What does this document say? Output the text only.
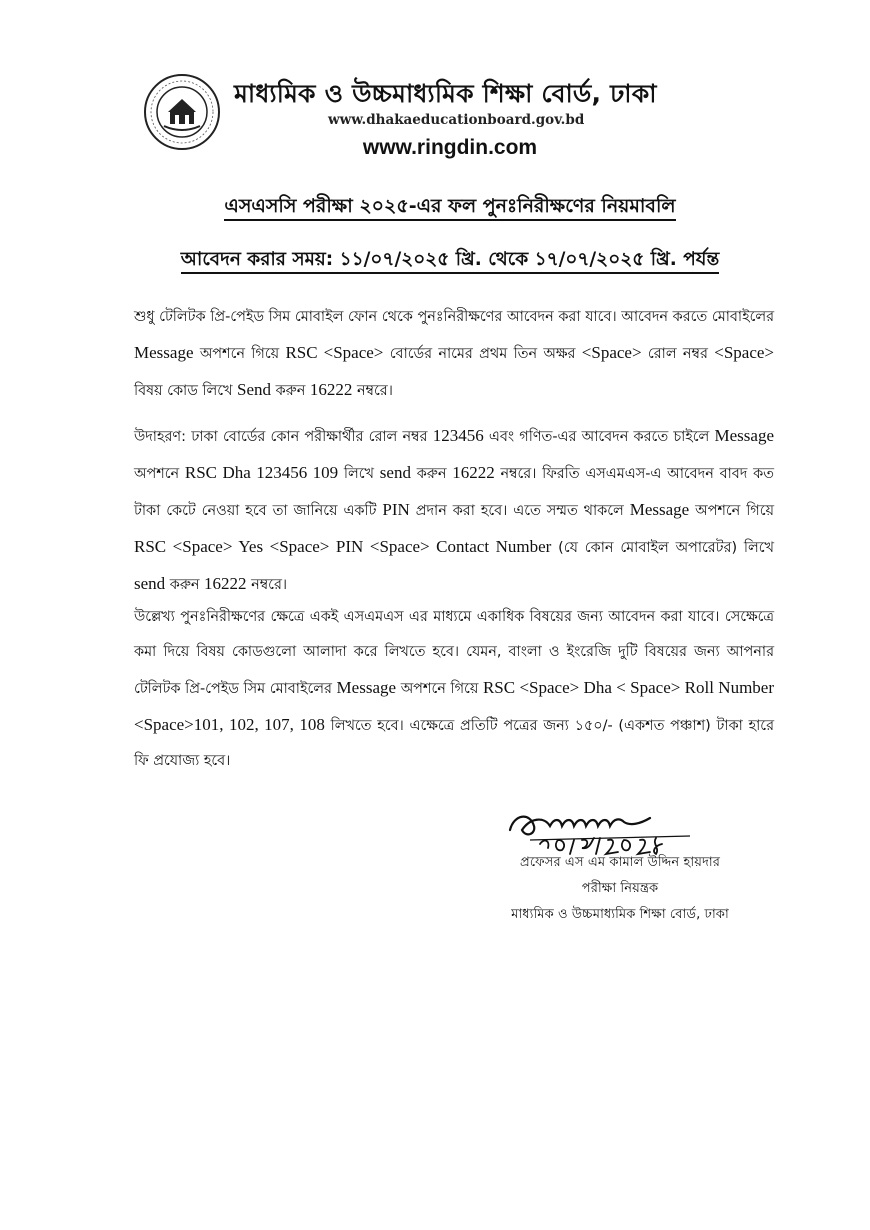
মাধ্যমিক ও উচ্চমাধ্যমিক শিক্ষা বোর্ড, ঢাকা
www.dhakaeducationboard.gov.bd
www.ringdin.com
এসএসসি পরীক্ষা ২০২৫-এর ফল পুনঃনিরীক্ষণের নিয়মাবলি
আবেদন করার সময়: ১১/০৭/২০২৫ খ্রি. থেকে ১৭/০৭/২০২৫ খ্রি. পর্যন্ত
শুধু টেলিটক প্রি-পেইড সিম মোবাইল ফোন থেকে পুনঃনিরীক্ষণের আবেদন করা যাবে। আবেদন করতে মোবাইলের Message অপশনে গিয়ে RSC <Space> বোর্ডের নামের প্রথম তিন অক্ষর <Space> রোল নম্বর <Space> বিষয় কোড লিখে Send করুন 16222 নম্বরে।
উদাহরণ: ঢাকা বোর্ডের কোন পরীক্ষার্থীর রোল নম্বর 123456 এবং গণিত-এর আবেদন করতে চাইলে Message অপশনে RSC Dha 123456 109 লিখে send করুন 16222 নম্বরে। ফিরতি এসএমএস-এ আবেদন বাবদ কত টাকা কেটে নেওয়া হবে তা জানিয়ে একটি PIN প্রদান করা হবে। এতে সম্মত থাকলে Message অপশনে গিয়ে RSC <Space> Yes <Space> PIN <Space> Contact Number (যে কোন মোবাইল অপারেটর) লিখে send করুন 16222 নম্বরে।
উল্লেখ্য পুনঃনিরীক্ষণের ক্ষেত্রে একই এসএমএস এর মাধ্যমে একাধিক বিষয়ের জন্য আবেদন করা যাবে। সেক্ষেত্রে কমা দিয়ে বিষয় কোডগুলো আলাদা করে লিখতে হবে। যেমন, বাংলা ও ইংরেজি দুটি বিষয়ের জন্য আপনার টেলিটক প্রি-পেইড সিম মোবাইলের Message অপশনে গিয়ে RSC <Space> Dha < Space> Roll Number <Space>101, 102, 107, 108 লিখতে হবে। এক্ষেত্রে প্রতিটি পত্রের জন্য ১৫০/- (একশত পঞ্চাশ) টাকা হারে ফি প্রযোজ্য হবে।
প্রফেসর এস এম কামাল উদ্দিন হায়দার
পরীক্ষা নিয়ন্ত্রক
মাধ্যমিক ও উচ্চমাধ্যমিক শিক্ষা বোর্ড, ঢাকা
